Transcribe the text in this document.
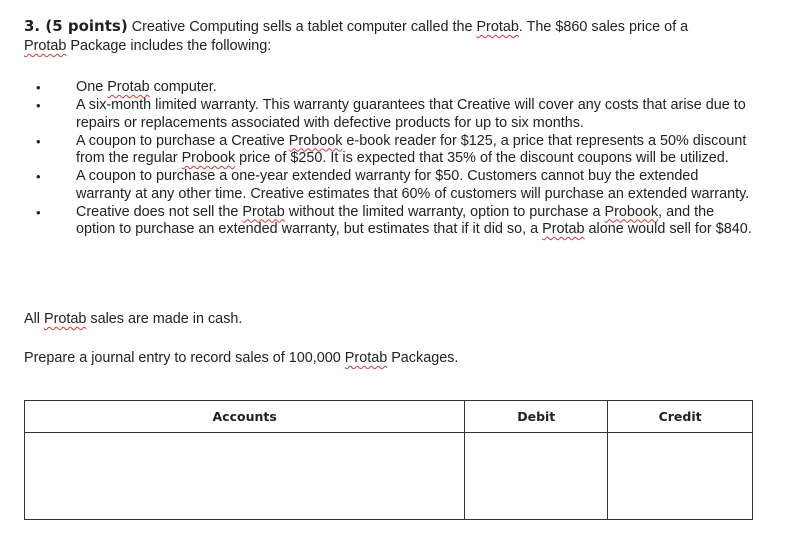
3. (5 points) Creative Computing sells a tablet computer called the Protab. The $860 sales price of a
Protab Package includes the following:
• One Protab computer.
• A six-month limited warranty. This warranty guarantees that Creative will cover any costs that arise due to repairs or replacements associated with defective products for up to six months.
• A coupon to purchase a Creative Probook e-book reader for $125, a price that represents a 50% discount from the regular Probook price of $250. It is expected that 35% of the discount coupons will be utilized.
• A coupon to purchase a one-year extended warranty for $50. Customers cannot buy the extended warranty at any other time. Creative estimates that 60% of customers will purchase an extended warranty.
• Creative does not sell the Protab without the limited warranty, option to purchase a Probook, and the option to purchase an extended warranty, but estimates that if it did so, a Protab alone would sell for $840.
All Protab sales are made in cash.
Prepare a journal entry to record sales of 100,000 Protab Packages.
Accounts	Debit	Credit
